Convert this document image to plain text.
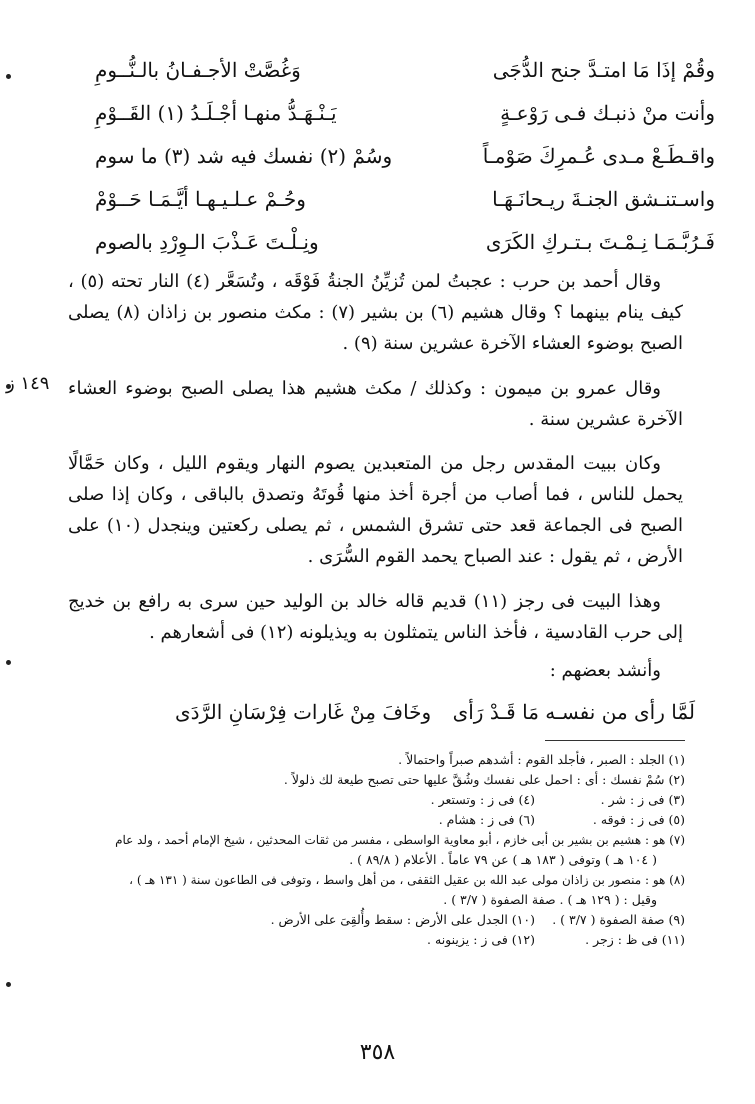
وقُمْ إذَا مَا امتـدَّ جنح الدُّجَى
وَغُصَّتْ الأجـفـانُ بالـنُّــومِ
وأنت منْ ذنبـك فـى رَوْعـةٍ
يَـنْـهَـدُّ منهـا أجْـلَـدُ (١) القَــوْمِ
واقـطَـعْ مـدى عُـمرِكَ صَوْمـاً
وسُمْ (٢) نفسك فيه شد (٣) ما سوم
واسـتنـشق الجنـةَ ريـحانَـهَـا
وحُـمْ عـلـيـهـا أيَّـمَـا حَــوْمْ
فَـرُبَّـمَـا نِـمْـتَ بـتـركِ الكَرَى
ونِـلْـتَ عَـذْبَ الـوِرْدِ بالصوم
وقال أحمد بن حرب : عجبتُ لمن تُزيِّنُ الجنةُ فَوْقَه ، وتُسَعَّر (٤) النار تحته (٥) ، كيف ينام بينهما ؟ وقال هشيم (٦) بن بشير (٧) : مكث منصور بن زاذان (٨) يصلى الصبح بوضوء العشاء الآخرة عشرين سنة (٩) .
١٤٩ ز وقال عمرو بن ميمون : وكذلك / مكث هشيم هذا يصلى الصبح بوضوء العشاء الآخرة عشرين سنة .
وكان ببيت المقدس رجل من المتعبدين يصوم النهار ويقوم الليل ، وكان حَمَّالًا يحمل للناس ، فما أصاب من أجرة أخذ منها قُوتَهُ وتصدق بالباقى ، وكان إذا صلى الصبح فى الجماعة قعد حتى تشرق الشمس ، ثم يصلى ركعتين وينجدل (١٠) على الأرض ، ثم يقول : عند الصباح يحمد القوم السُّرَى .
وهذا البيت فى رجز (١١) قديم قاله خالد بن الوليد حين سرى به رافع بن خديج إلى حرب القادسية ، فأخذ الناس يتمثلون به ويذيلونه (١٢) فى أشعارهم .
وأنشد بعضهم :
لَمَّا رأى من نفسـه مَا قَـدْ رَأى
وخَافَ مِنْ غَارات فِرْسَانِ الرَّدَى
(١) الجلد : الصبر ، فأجلد القوم : أشدهم صبراً واحتمالاً .
(٢) سُمْ نفسك : أى : احمل على نفسك وشُقَّ عليها حتى تصبح طيعة لك ذلولاً .
(٣) فى ز : شر .
(٤) فى ز : وتستعر .
(٥) فى ز : فوقه .
(٦) فى ز : هشام .
(٧) هو : هشيم بن بشير بن أبى خازم ، أبو معاوية الواسطى ، مفسر من ثقات المحدثين ، شيخ الإمام أحمد ، ولد عام
( ١٠٤ هـ ) وتوفى ( ١٨٣ هـ ) عن ٧٩ عاماً . الأعلام ( ٨٩/٨ ) .
(٨) هو : منصور بن زاذان مولى عبد الله بن عقيل الثقفى ، من أهل واسط ، وتوفى فى الطاعون سنة ( ١٣١ هـ ) ،
وقيل : ( ١٢٩ هـ ) . صفة الصفوة ( ٣/٧ ) .
(٩) صفة الصفوة ( ٣/٧ ) .
(١٠) الجدل على الأرض : سقط وأُلقِىَ على الأرض .
(١١) فى ظ : زجر .
(١٢) فى ز : يزينونه .
٣٥٨
